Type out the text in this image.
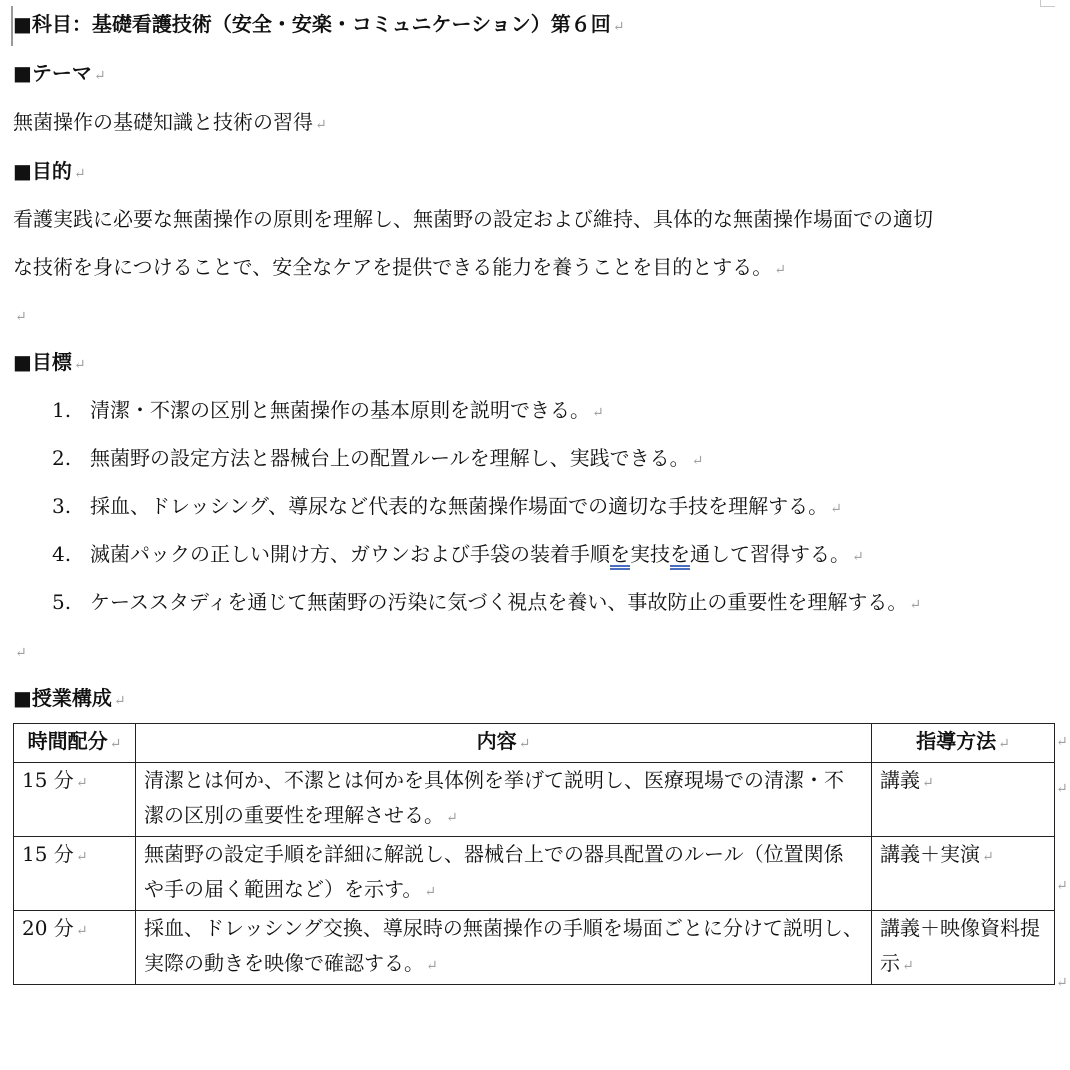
■科目：基礎看護技術（安全・安楽・コミュニケーション）第６回 ↵
■テーマ ↵
無菌操作の基礎知識と技術の習得 ↵
■目的 ↵
看護実践に必要な無菌操作の原則を理解し、無菌野の設定および維持、具体的な無菌操作場面での適切
な技術を身につけることで、安全なケアを提供できる能力を養うことを目的とする。 ↵
↵
■目標 ↵
1. 清潔・不潔の区別と無菌操作の基本原則を説明できる。 ↵
2. 無菌野の設定方法と器械台上の配置ルールを理解し、実践できる。 ↵
3. 採血、ドレッシング、導尿など代表的な無菌操作場面での適切な手技を理解する。 ↵
4. 滅菌パックの正しい開け方、ガウンおよび手袋の装着手順を実技を通して習得する。 ↵
5. ケーススタディを通じて無菌野の汚染に気づく視点を養い、事故防止の重要性を理解する。 ↵
↵
■授業構成 ↵
時間配分 ↵	内容 ↵	指導方法 ↵
15 分 ↵	清潔とは何か、不潔とは何かを具体例を挙げて説明し、医療現場での清潔・不潔の区別の重要性を理解させる。 ↵	講義 ↵
15 分 ↵	無菌野の設定手順を詳細に解説し、器械台上での器具配置のルール（位置関係や手の届く範囲など）を示す。 ↵	講義＋実演 ↵
20 分 ↵	採血、ドレッシング交換、導尿時の無菌操作の手順を場面ごとに分けて説明し、実際の動きを映像で確認する。 ↵	講義＋映像資料提示 ↵
↵
↵
↵
↵
